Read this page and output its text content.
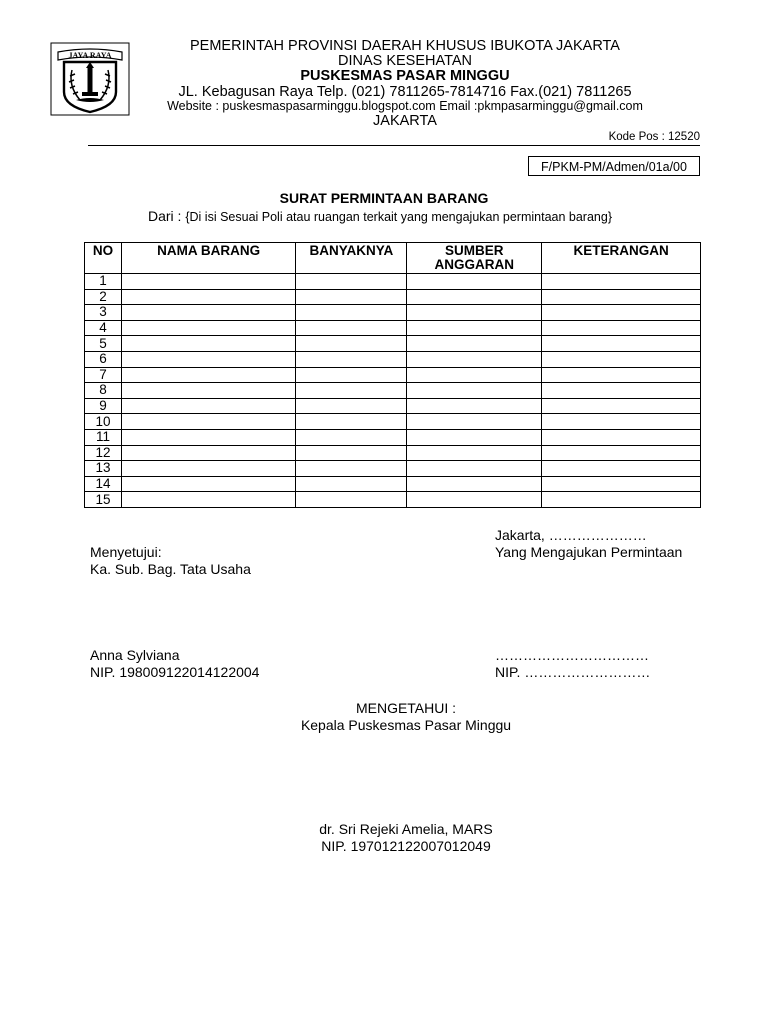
JAYA RAYA
PEMERINTAH PROVINSI DAERAH KHUSUS IBUKOTA JAKARTA
DINAS KESEHATAN
PUSKESMAS PASAR MINGGU
JL. Kebagusan Raya Telp. (021) 7811265-7814716 Fax.(021) 7811265
Website : puskesmaspasarminggu.blogspot.com Email :pkmpasarminggu@gmail.com
JAKARTA
Kode Pos : 12520
F/PKM-PM/Admen/01a/00
SURAT PERMINTAAN BARANG
Dari : {Di isi Sesuai Poli atau ruangan terkait yang mengajukan permintaan barang}
NO	NAMA BARANG	BANYAKNYA	SUMBER ANGGARAN	KETERANGAN
1				
2				
3				
4				
5				
6				
7				
8				
9				
10				
11				
12				
13				
14				
15				
Jakarta, …………………
Menyetujui:	Yang Mengajukan Permintaan
Ka. Sub. Bag. Tata Usaha
Anna Sylviana	……………………………
NIP. 198009122014122004	NIP. ………………………
MENGETAHUI :
Kepala Puskesmas Pasar Minggu
dr. Sri Rejeki Amelia, MARS
NIP. 197012122007012049
